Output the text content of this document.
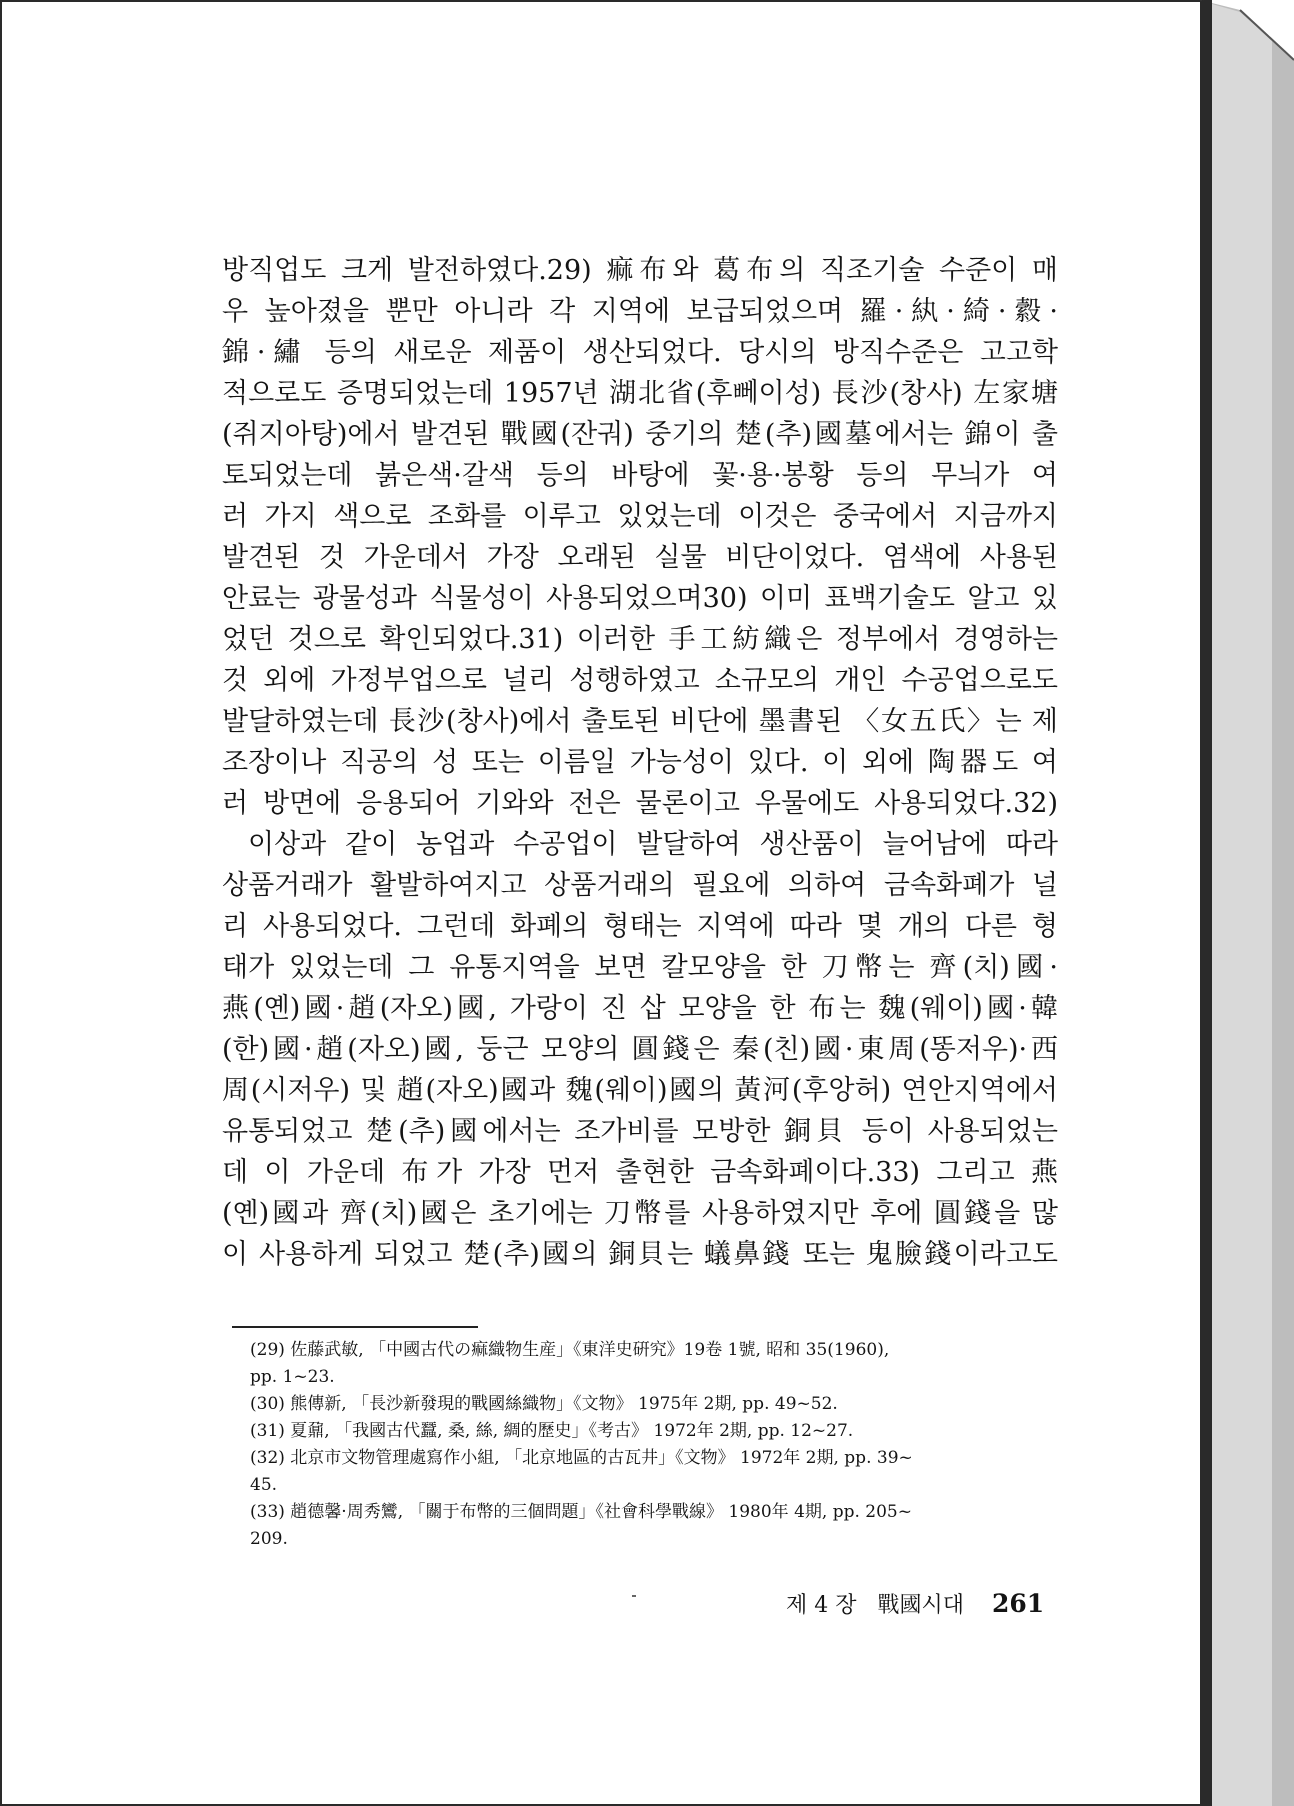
방직업도 크게 발전하였다.29) 痲布와 葛布의 직조기술 수준이 매
우 높아졌을 뿐만 아니라 각 지역에 보급되었으며 羅·紈·綺·縠·
錦·繡 등의 새로운 제품이 생산되었다. 당시의 방직수준은 고고학
적으로도 증명되었는데 1957년 湖北省(후뻬이성) 長沙(창사) 左家塘
(쥐지아탕)에서 발견된 戰國(잔궈) 중기의 楚(추)國墓에서는 錦이 출
토되었는데 붉은색·갈색 등의 바탕에 꽃·용·봉황 등의 무늬가 여
러 가지 색으로 조화를 이루고 있었는데 이것은 중국에서 지금까지
발견된 것 가운데서 가장 오래된 실물 비단이었다. 염색에 사용된
안료는 광물성과 식물성이 사용되었으며30) 이미 표백기술도 알고 있
었던 것으로 확인되었다.31) 이러한 手工紡織은 정부에서 경영하는
것 외에 가정부업으로 널리 성행하였고 소규모의 개인 수공업으로도
발달하였는데 長沙(창사)에서 출토된 비단에 墨書된 〈女五氏〉는 제
조장이나 직공의 성 또는 이름일 가능성이 있다. 이 외에 陶器도 여
러 방면에 응용되어 기와와 전은 물론이고 우물에도 사용되었다.32)
이상과 같이 농업과 수공업이 발달하여 생산품이 늘어남에 따라
상품거래가 활발하여지고 상품거래의 필요에 의하여 금속화폐가 널
리 사용되었다. 그런데 화폐의 형태는 지역에 따라 몇 개의 다른 형
태가 있었는데 그 유통지역을 보면 칼모양을 한 刀幣는 齊(치)國·
燕(옌)國·趙(자오)國, 가랑이 진 삽 모양을 한 布는 魏(웨이)國·韓
(한)國·趙(자오)國, 둥근 모양의 圓錢은 秦(친)國·東周(똥저우)·西
周(시저우) 및 趙(자오)國과 魏(웨이)國의 黃河(후앙허) 연안지역에서
유통되었고 楚(추)國에서는 조가비를 모방한 銅貝 등이 사용되었는
데 이 가운데 布가 가장 먼저 출현한 금속화폐이다.33) 그리고 燕
(옌)國과 齊(치)國은 초기에는 刀幣를 사용하였지만 후에 圓錢을 많
이 사용하게 되었고 楚(추)國의 銅貝는 蟻鼻錢 또는 鬼臉錢이라고도
(29) 佐藤武敏, 「中國古代の痲織物生産」《東洋史硏究》19卷 1號, 昭和 35(1960),
pp. 1~23.
(30) 熊傳新, 「長沙新發現的戰國絲織物」《文物》 1975年 2期, pp. 49~52.
(31) 夏鼐, 「我國古代蠶, 桑, 絲, 綢的歷史」《考古》 1972年 2期, pp. 12~27.
(32) 北京市文物管理處寫作小組, 「北京地區的古瓦井」《文物》 1972年 2期, pp. 39~
45.
(33) 趙德馨·周秀鸞, 「關于布幣的三個問題」《社會科學戰線》 1980年 4期, pp. 205~
209.
제 4 장 戰國시대 261
